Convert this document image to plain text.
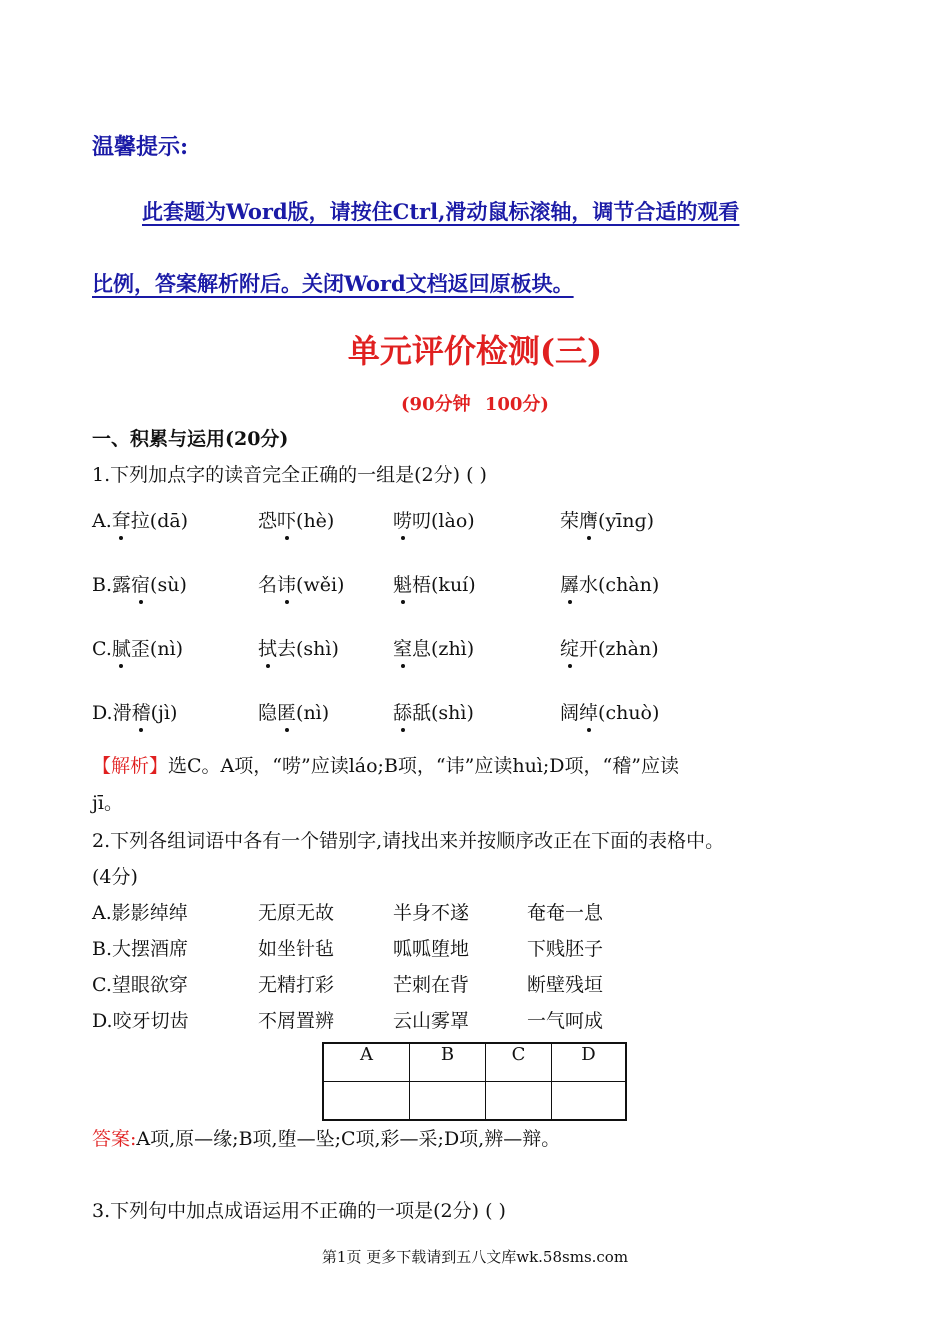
温馨提示:
此套题为Word版，请按住Ctrl,滑动鼠标滚轴，调节合适的观看
比例，答案解析附后。关闭Word文档返回原板块。
单元评价检测(三)
(90分钟 100分)
一、积累与运用(20分)
1.下列加点字的读音完全正确的一组是(2分) ( )
A.耷拉(dā)	恐吓(hè)	唠叨(lào)	荣膺(yīnɡ)
B.露宿(sù)	名讳(wěi)	魁梧(kuí)	羼水(chàn)
C.腻歪(nì)	拭去(shì)	窒息(zhì)	绽开(zhàn)
D.滑稽(jì)	隐匿(nì)	舔舐(shì)	阔绰(chuò)
【解析】选C。A项，“唠”应读láo;B项，“讳”应读huì;D项，“稽”应读
jī。
2.下列各组词语中各有一个错别字,请找出来并按顺序改正在下面的表格中。
(4分)
A.影影绰绰	无原无故	半身不遂	奄奄一息
B.大摆酒席	如坐针毡	呱呱堕地	下贱胚子
C.望眼欲穿	无精打彩	芒刺在背	断壁残垣
D.咬牙切齿	不屑置辨	云山雾罩	一气呵成
A	B	C	D

答案:A项,原—缘;B项,堕—坠;C项,彩—采;D项,辨—辩。
3.下列句中加点成语运用不正确的一项是(2分) ( )
第1页 更多下载请到五八文库wk.58sms.com
